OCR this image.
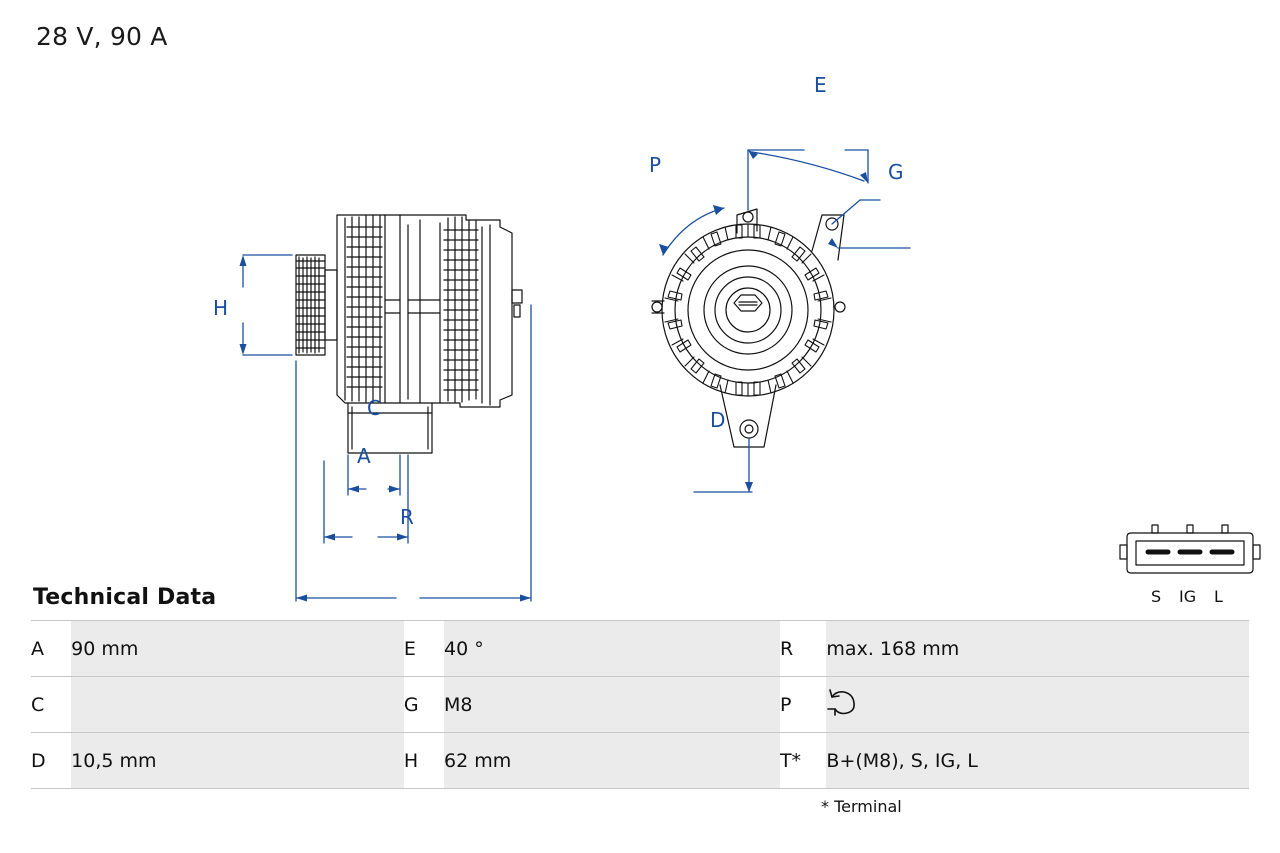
28 V, 90 A
H
C
A
R
E
P	G
D
S IG L
Technical Data
A	90 mm	E	40 °	R	max. 168 mm
C		G	M8	P	
D	10,5 mm	H	62 mm	T*	B+(M8), S, IG, L
* Terminal
